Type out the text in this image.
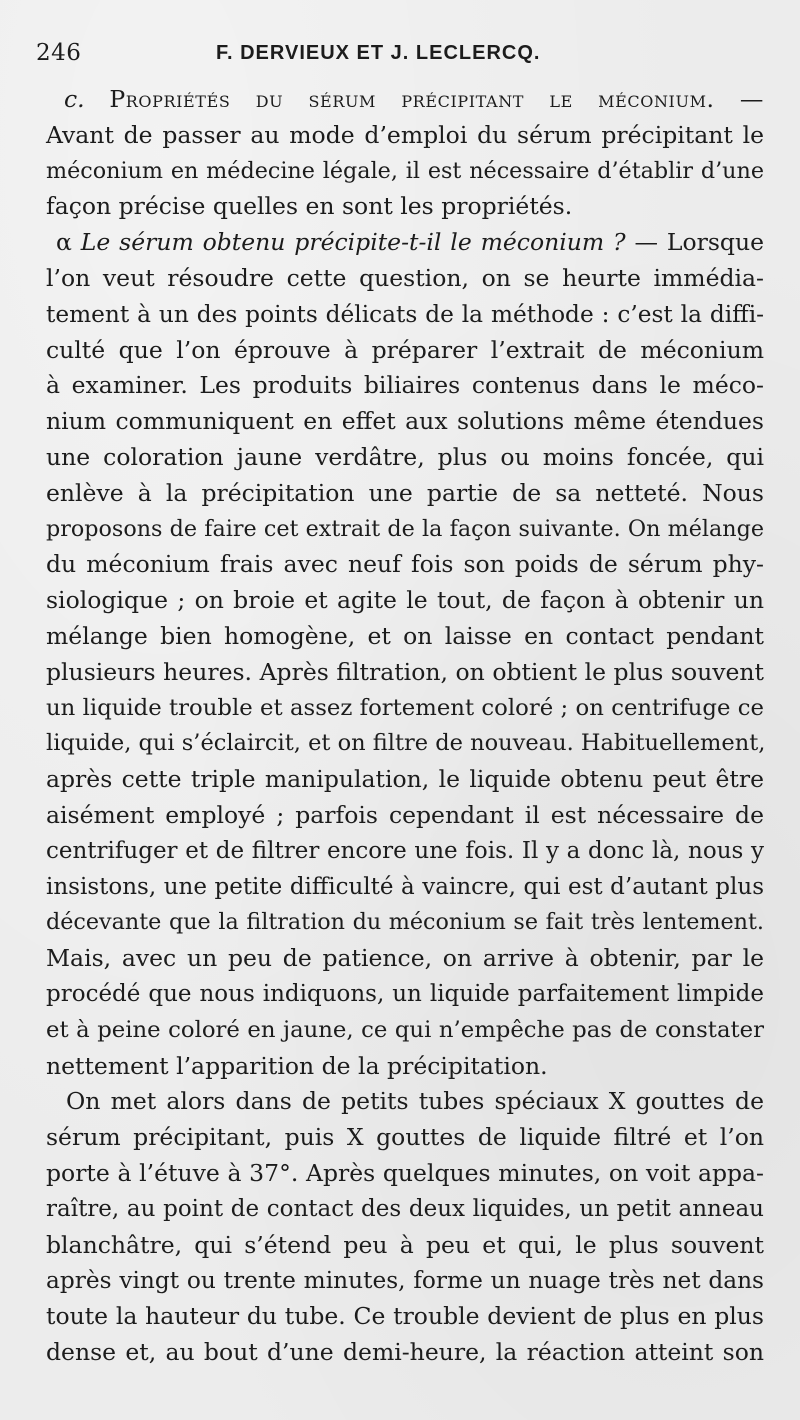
246	F. DERVIEUX ET J. LECLERCQ.
c. Propriétés du sérum précipitant le méconium. —
Avant de passer au mode d’emploi du sérum précipitant le
méconium en médecine légale, il est nécessaire d’établir d’une
façon précise quelles en sont les propriétés.
α Le sérum obtenu précipite-t-il le méconium ? — Lorsque
l’on veut résoudre cette question, on se heurte immédia-
tement à un des points délicats de la méthode : c’est la diffi-
culté que l’on éprouve à préparer l’extrait de méconium
à examiner. Les produits biliaires contenus dans le méco-
nium communiquent en effet aux solutions même étendues
une coloration jaune verdâtre, plus ou moins foncée, qui
enlève à la précipitation une partie de sa netteté. Nous
proposons de faire cet extrait de la façon suivante. On mélange
du méconium frais avec neuf fois son poids de sérum phy-
siologique ; on broie et agite le tout, de façon à obtenir un
mélange bien homogène, et on laisse en contact pendant
plusieurs heures. Après filtration, on obtient le plus souvent
un liquide trouble et assez fortement coloré ; on centrifuge ce
liquide, qui s’éclaircit, et on filtre de nouveau. Habituellement,
après cette triple manipulation, le liquide obtenu peut être
aisément employé ; parfois cependant il est nécessaire de
centrifuger et de filtrer encore une fois. Il y a donc là, nous y
insistons, une petite difficulté à vaincre, qui est d’autant plus
décevante que la filtration du méconium se fait très lentement.
Mais, avec un peu de patience, on arrive à obtenir, par le
procédé que nous indiquons, un liquide parfaitement limpide
et à peine coloré en jaune, ce qui n’empêche pas de constater
nettement l’apparition de la précipitation.
On met alors dans de petits tubes spéciaux X gouttes de
sérum précipitant, puis X gouttes de liquide filtré et l’on
porte à l’étuve à 37°. Après quelques minutes, on voit appa-
raître, au point de contact des deux liquides, un petit anneau
blanchâtre, qui s’étend peu à peu et qui, le plus souvent
après vingt ou trente minutes, forme un nuage très net dans
toute la hauteur du tube. Ce trouble devient de plus en plus
dense et, au bout d’une demi-heure, la réaction atteint son
